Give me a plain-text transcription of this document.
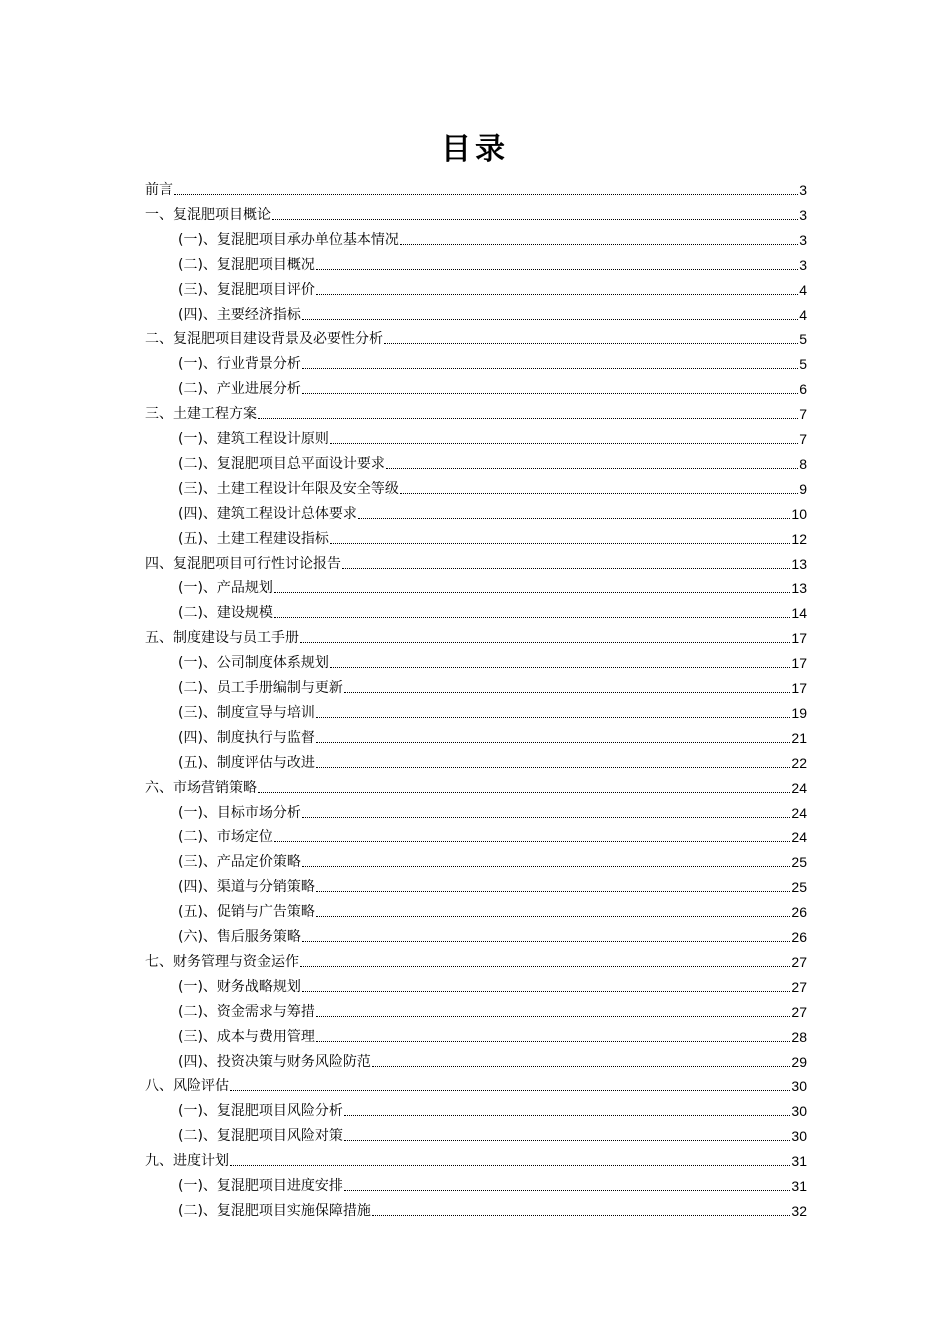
目录
前言	3
一、复混肥项目概论	3
(一)、复混肥项目承办单位基本情况	3
(二)、复混肥项目概况	3
(三)、复混肥项目评价	4
(四)、主要经济指标	4
二、复混肥项目建设背景及必要性分析	5
(一)、行业背景分析	5
(二)、产业进展分析	6
三、土建工程方案	7
(一)、建筑工程设计原则	7
(二)、复混肥项目总平面设计要求	8
(三)、土建工程设计年限及安全等级	9
(四)、建筑工程设计总体要求	10
(五)、土建工程建设指标	12
四、复混肥项目可行性讨论报告	13
(一)、产品规划	13
(二)、建设规模	14
五、制度建设与员工手册	17
(一)、公司制度体系规划	17
(二)、员工手册编制与更新	17
(三)、制度宣导与培训	19
(四)、制度执行与监督	21
(五)、制度评估与改进	22
六、市场营销策略	24
(一)、目标市场分析	24
(二)、市场定位	24
(三)、产品定价策略	25
(四)、渠道与分销策略	25
(五)、促销与广告策略	26
(六)、售后服务策略	26
七、财务管理与资金运作	27
(一)、财务战略规划	27
(二)、资金需求与筹措	27
(三)、成本与费用管理	28
(四)、投资决策与财务风险防范	29
八、风险评估	30
(一)、复混肥项目风险分析	30
(二)、复混肥项目风险对策	30
九、进度计划	31
(一)、复混肥项目进度安排	31
(二)、复混肥项目实施保障措施	32
